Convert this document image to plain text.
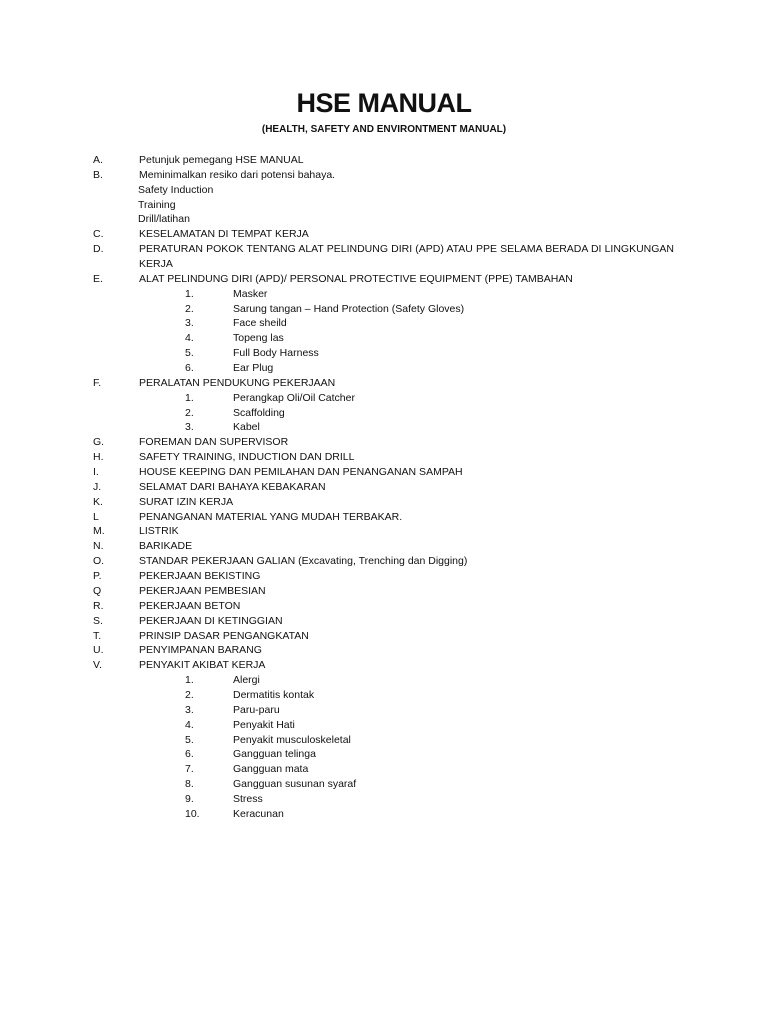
HSE MANUAL
(HEALTH, SAFETY AND ENVIRONTMENT MANUAL)
A.	Petunjuk pemegang HSE MANUAL
B.	Meminimalkan resiko dari potensi bahaya.
Safety Induction
Training
Drill/latihan
C.	KESELAMATAN DI TEMPAT KERJA
D.	PERATURAN POKOK TENTANG ALAT PELINDUNG DIRI (APD) ATAU PPE SELAMA BERADA DI LINGKUNGAN KERJA
E.	ALAT PELINDUNG DIRI (APD)/ PERSONAL PROTECTIVE EQUIPMENT (PPE) TAMBAHAN
1.	Masker
2.	Sarung tangan – Hand Protection (Safety Gloves)
3.	Face sheild
4.	Topeng las
5.	Full Body Harness
6.	Ear Plug
F.	PERALATAN PENDUKUNG PEKERJAAN
1.	Perangkap Oli/Oil Catcher
2.	Scaffolding
3.	Kabel
G.	FOREMAN DAN SUPERVISOR
H.	SAFETY TRAINING, INDUCTION DAN DRILL
I.	HOUSE KEEPING DAN PEMILAHAN DAN PENANGANAN SAMPAH
J.	SELAMAT DARI BAHAYA KEBAKARAN
K.	SURAT IZIN KERJA
L	PENANGANAN MATERIAL YANG MUDAH TERBAKAR.
M.	LISTRIK
N.	BARIKADE
O.	STANDAR PEKERJAAN GALIAN (Excavating, Trenching dan Digging)
P.	PEKERJAAN BEKISTING
Q	PEKERJAAN PEMBESIAN
R.	PEKERJAAN BETON
S.	PEKERJAAN DI KETINGGIAN
T.	PRINSIP DASAR PENGANGKATAN
U.	PENYIMPANAN BARANG
V.	PENYAKIT AKIBAT KERJA
1.	Alergi
2.	Dermatitis kontak
3.	Paru-paru
4.	Penyakit Hati
5.	Penyakit musculoskeletal
6.	Gangguan telinga
7.	Gangguan mata
8.	Gangguan susunan syaraf
9.	Stress
10.	Keracunan
